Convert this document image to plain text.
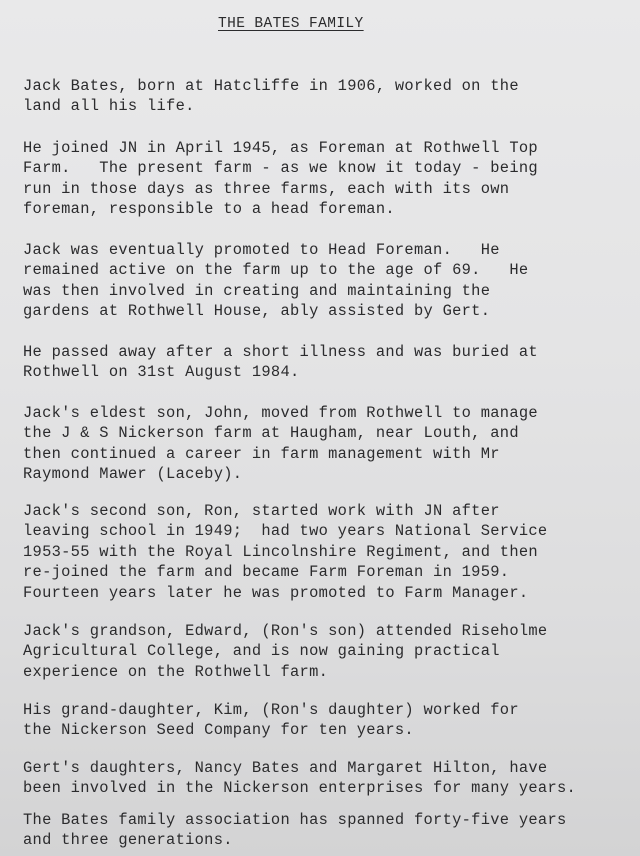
THE BATES FAMILY
Jack Bates, born at Hatcliffe in 1906, worked on the
land all his life.
He joined JN in April 1945, as Foreman at Rothwell Top
Farm.   The present farm - as we know it today - being
run in those days as three farms, each with its own
foreman, responsible to a head foreman.
Jack was eventually promoted to Head Foreman.   He
remained active on the farm up to the age of 69.   He
was then involved in creating and maintaining the
gardens at Rothwell House, ably assisted by Gert.
He passed away after a short illness and was buried at
Rothwell on 31st August 1984.
Jack's eldest son, John, moved from Rothwell to manage
the J & S Nickerson farm at Haugham, near Louth, and
then continued a career in farm management with Mr
Raymond Mawer (Laceby).
Jack's second son, Ron, started work with JN after
leaving school in 1949;  had two years National Service
1953-55 with the Royal Lincolnshire Regiment, and then
re-joined the farm and became Farm Foreman in 1959.
Fourteen years later he was promoted to Farm Manager.
Jack's grandson, Edward, (Ron's son) attended Riseholme
Agricultural College, and is now gaining practical
experience on the Rothwell farm.
His grand-daughter, Kim, (Ron's daughter) worked for
the Nickerson Seed Company for ten years.
Gert's daughters, Nancy Bates and Margaret Hilton, have
been involved in the Nickerson enterprises for many years.
The Bates family association has spanned forty-five years
and three generations.
